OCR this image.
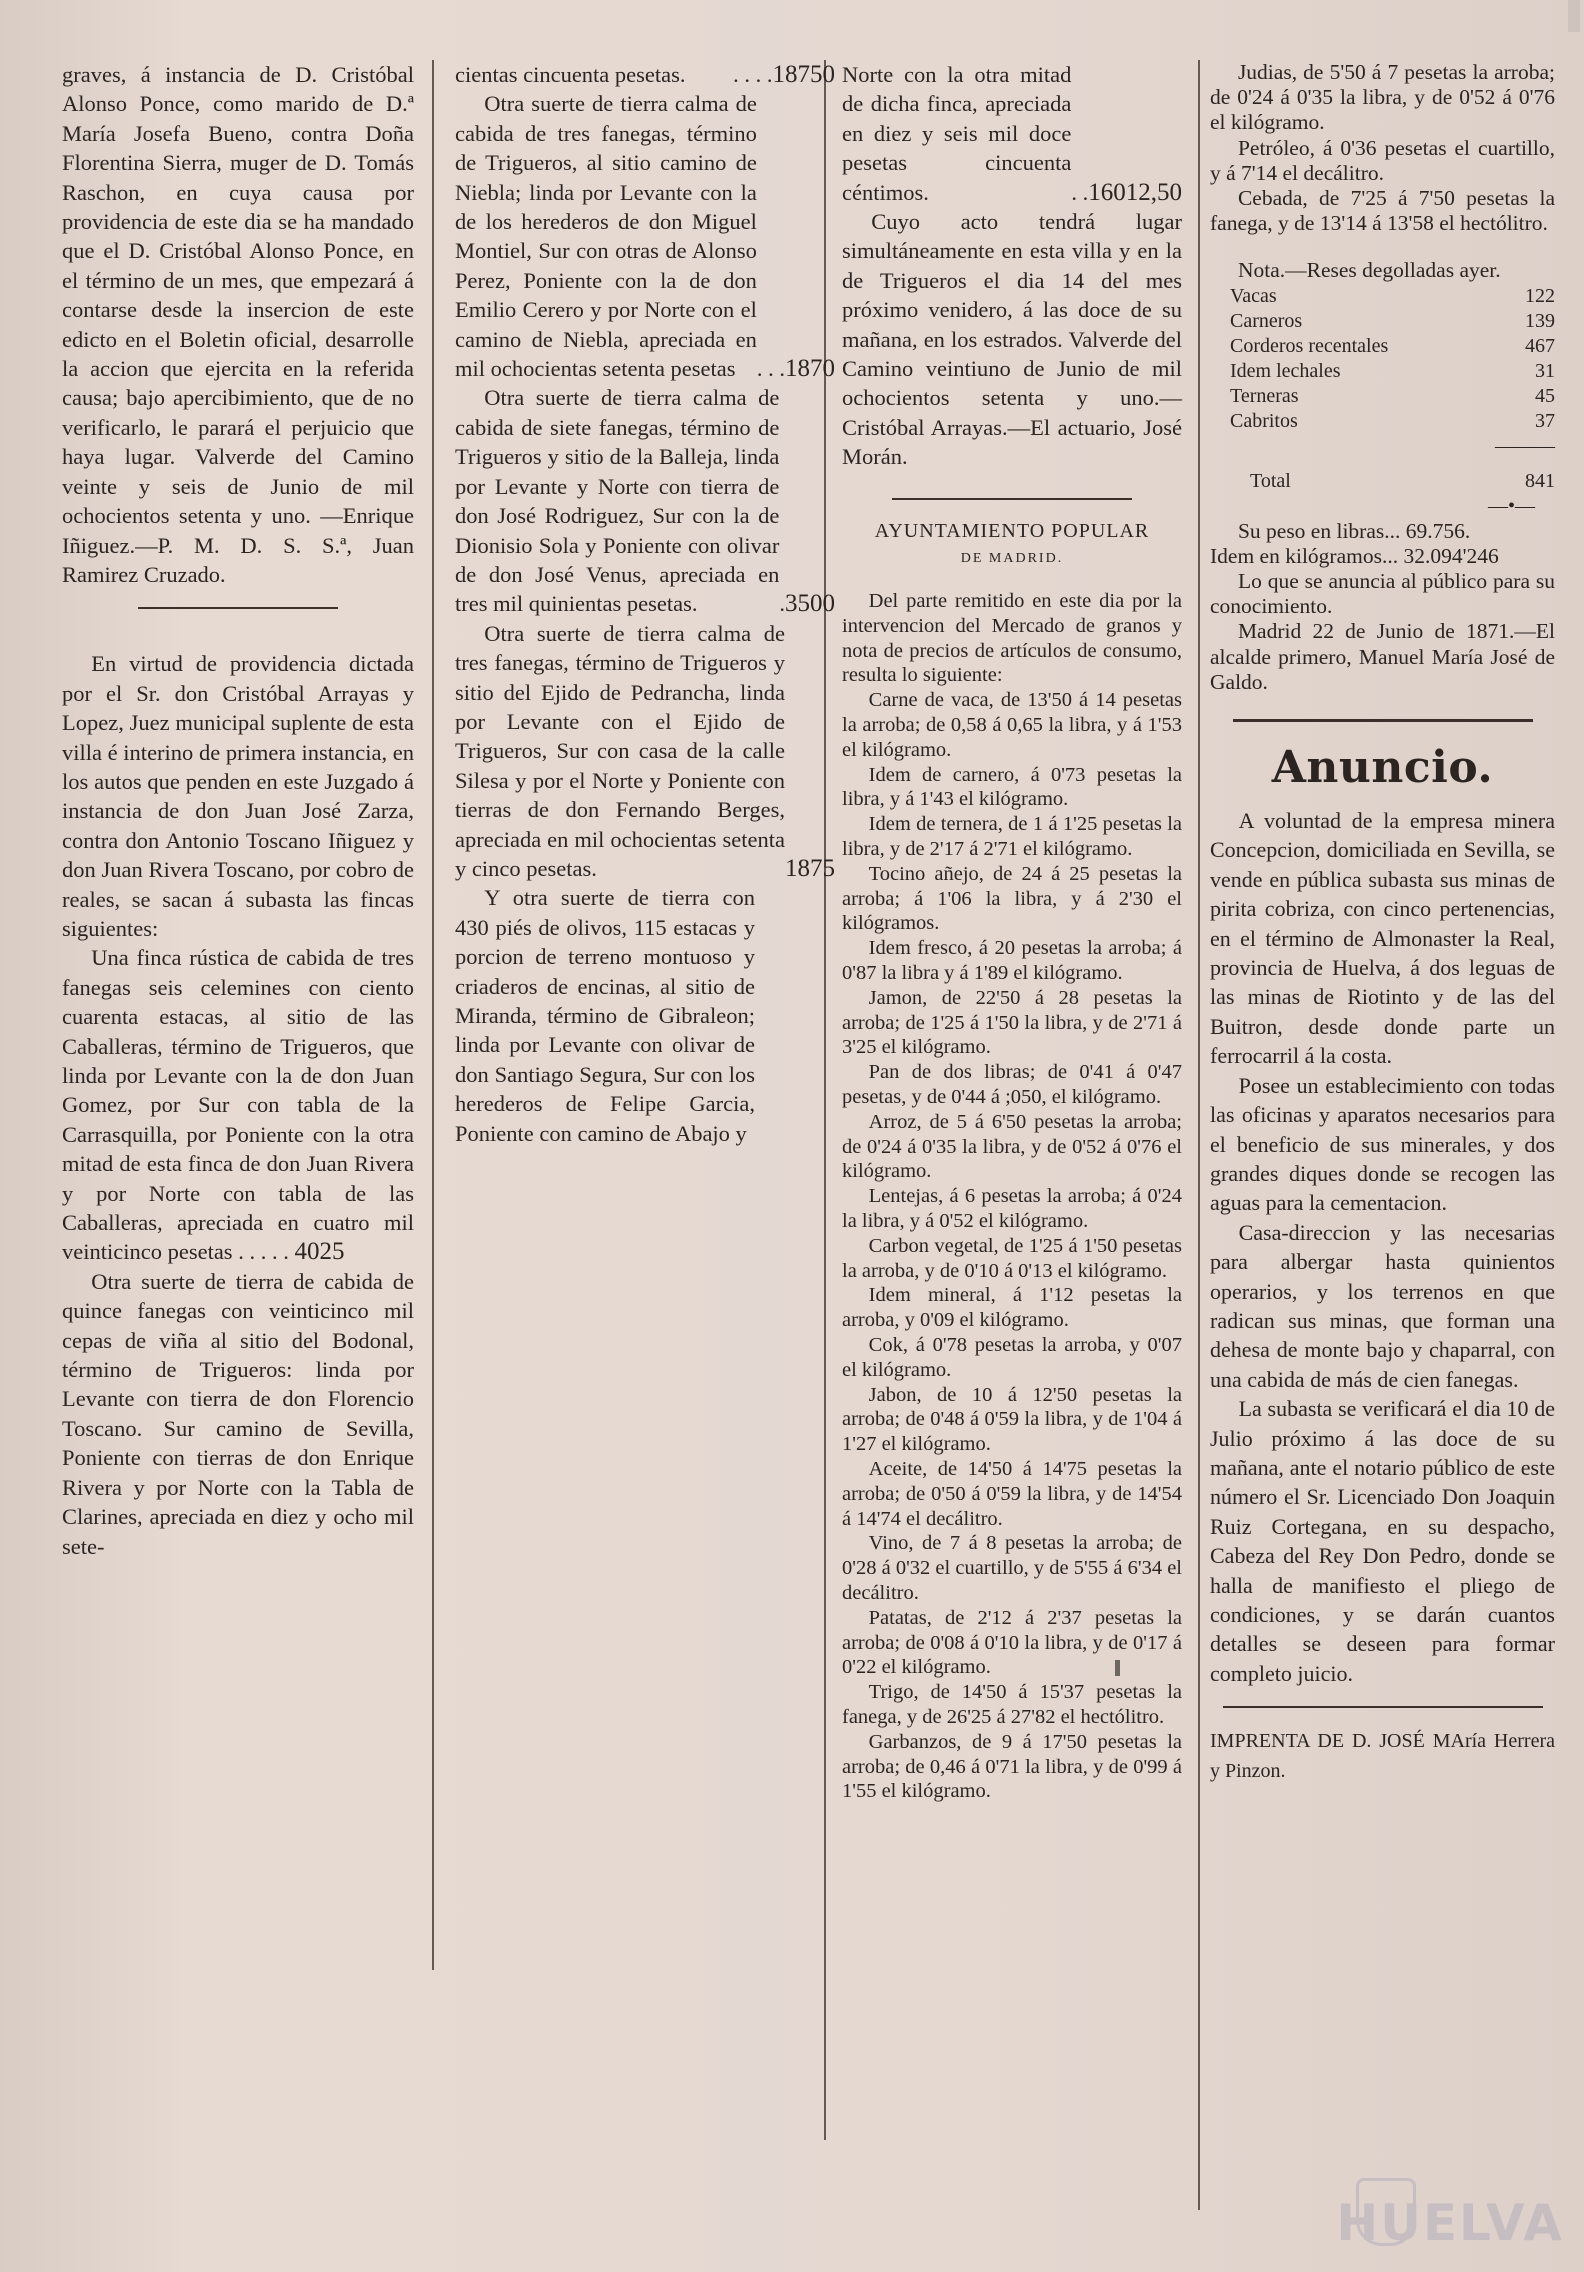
graves, á instancia de D. Cristóbal Alonso Ponce, como marido de D.ª María Josefa Bueno, contra Doña Florentina Sierra, muger de D. Tomás Raschon, en cuya causa por providencia de este dia se ha mandado que el D. Cristóbal Alonso Ponce, en el término de un mes, que empezará á contarse desde la insercion de este edicto en el Boletin oficial, desarrolle la accion que ejercita en la referida causa; bajo apercibimiento, que de no verificarlo, le parará el perjuicio que haya lugar. Valverde del Camino veinte y seis de Junio de mil ochocientos setenta y uno. —Enrique Iñiguez.—P. M. D. S. S.ª, Juan Ramirez Cruzado.

En virtud de providencia dictada por el Sr. don Cristóbal Arrayas y Lopez, Juez municipal suplente de esta villa é interino de primera instancia, en los autos que penden en este Juzgado á instancia de don Juan José Zarza, contra don Antonio Toscano Iñiguez y don Juan Rivera Toscano, por cobro de reales, se sacan á subasta las fincas siguientes:

Una finca rústica de cabida de tres fanegas seis celemines con ciento cuarenta estacas, al sitio de las Caballeras, término de Trigueros, que linda por Levante con la de don Juan Gomez, por Sur con tabla de la Carrasquilla, por Poniente con la otra mitad de esta finca de don Juan Rivera y por Norte con tabla de las Caballeras, apreciada en cuatro mil veinticinco pesetas . . . . . 4025

Otra suerte de tierra de cabida de quince fanegas con veinticinco mil cepas de viña al sitio del Bodonal, término de Trigueros: linda por Levante con tierra de don Florencio Toscano. Sur camino de Sevilla, Poniente con tierras de don Enrique Rivera y por Norte con la Tabla de Clarines, apreciada en diez y ocho mil sete-

cientas cincuenta pesetas.	. . . . 18750
Otra suerte de tierra calma de cabida de tres fanegas, término de Trigueros, al sitio camino de Niebla; linda por Levante con la de los herederos de don Miguel Montiel, Sur con otras de Alonso Perez, Poniente con la de don Emilio Cerero y por Norte con el camino de Niebla, apreciada en mil ochocientas setenta pesetas . . . 1870
Otra suerte de tierra calma de cabida de siete fanegas, término de Trigueros y sitio de la Balleja, linda por Levante y Norte con tierra de don José Rodriguez, Sur con la de Dionisio Sola y Poniente con olivar de don José Venus, apreciada en tres mil quinientas pesetas.	. 3500
Otra suerte de tierra calma de tres fanegas, término de Trigueros y sitio del Ejido de Pedrancha, linda por Levante con el Ejido de Trigueros, Sur con casa de la calle Silesa y por el Norte y Poniente con tierras de don Fernando Berges, apreciada en mil ochocientas setenta y cinco pesetas.	1875

Y otra suerte de tierra con 430 piés de olivos, 115 estacas y porcion de terreno montuoso y criaderos de encinas, al sitio de Miranda, término de Gibraleon; linda por Levante con olivar de don Santiago Segura, Sur con los herederos de Felipe Garcia, Poniente con camino de Abajo y

Norte con la otra mitad de dicha finca, apreciada en diez y seis mil doce pesetas cincuenta céntimos.	. . 16012,50

Cuyo acto tendrá lugar simultáneamente en esta villa y en la de Trigueros el dia 14 del mes próximo venidero, á las doce de su mañana, en los estrados. Valverde del Camino veintiuno de Junio de mil ochocientos setenta y uno.—Cristóbal Arrayas.—El actuario, José Morán.

AYUNTAMIENTO POPULAR
DE MADRID.

Del parte remitido en este dia por la intervencion del Mercado de granos y nota de precios de artículos de consumo, resulta lo siguiente:

Carne de vaca, de 13'50 á 14 pesetas la arroba; de 0,58 á 0,65 la libra, y á 1'53 el kilógramo.

Idem de carnero, á 0'73 pesetas la libra, y á 1'43 el kilógramo.

Idem de ternera, de 1 á 1'25 pesetas la libra, y de 2'17 á 2'71 el kilógramo.

Tocino añejo, de 24 á 25 pesetas la arroba; á 1'06 la libra, y á 2'30 el kilógramos.

Idem fresco, á 20 pesetas la arroba; á 0'87 la libra y á 1'89 el kilógramo.

Jamon, de 22'50 á 28 pesetas la arroba; de 1'25 á 1'50 la libra, y de 2'71 á 3'25 el kilógramo.

Pan de dos libras; de 0'41 á 0'47 pesetas, y de 0'44 á ;050, el kilógramo.

Arroz, de 5 á 6'50 pesetas la arroba; de 0'24 á 0'35 la libra, y de 0'52 á 0'76 el kilógramo.

Lentejas, á 6 pesetas la arroba; á 0'24 la libra, y á 0'52 el kilógramo.

Carbon vegetal, de 1'25 á 1'50 pesetas la arroba, y de 0'10 á 0'13 el kilógramo.

Idem mineral, á 1'12 pesetas la arroba, y 0'09 el kilógramo.

Cok, á 0'78 pesetas la arroba, y 0'07 el kilógramo.

Jabon, de 10 á 12'50 pesetas la arroba; de 0'48 á 0'59 la libra, y de 1'04 á 1'27 el kilógramo.

Aceite, de 14'50 á 14'75 pesetas la arroba; de 0'50 á 0'59 la libra, y de 14'54 á 14'74 el decálitro.

Vino, de 7 á 8 pesetas la arroba; de 0'28 á 0'32 el cuartillo, y de 5'55 á 6'34 el decálitro.

Patatas, de 2'12 á 2'37 pesetas la arroba; de 0'08 á 0'10 la libra, y de 0'17 á 0'22 el kilógramo.

Trigo, de 14'50 á 15'37 pesetas la fanega, y de 26'25 á 27'82 el hectólitro.

Garbanzos, de 9 á 17'50 pesetas la arroba; de 0,46 á 0'71 la libra, y de 0'99 á 1'55 el kilógramo.

Judias, de 5'50 á 7 pesetas la arroba; de 0'24 á 0'35 la libra, y de 0'52 á 0'76 el kilógramo.

Petróleo, á 0'36 pesetas el cuartillo, y á 7'14 el decálitro.

Cebada, de 7'25 á 7'50 pesetas la fanega, y de 13'14 á 13'58 el hectólitro.

Nota.—Reses degolladas ayer.

Vacas	122
Carneros	139
Corderos recentales	467
Idem lechales	31
Terneras	45
Cabritos	37
	———
Total	841
	—•—

Su peso en libras... 69.756.

Idem en kilógramos... 32.094'246

Lo que se anuncia al público para su conocimiento.

Madrid 22 de Junio de 1871.—El alcalde primero, Manuel María José de Galdo.

Anuncio.

A voluntad de la empresa minera Concepcion, domiciliada en Sevilla, se vende en pública subasta sus minas de pirita cobriza, con cinco pertenencias, en el término de Almonaster la Real, provincia de Huelva, á dos leguas de las minas de Riotinto y de las del Buitron, desde donde parte un ferrocarril á la costa.

Posee un establecimiento con todas las oficinas y aparatos necesarios para el beneficio de sus minerales, y dos grandes diques donde se recogen las aguas para la cementacion.

Casa-direccion y las necesarias para albergar hasta quinientos operarios, y los terrenos en que radican sus minas, que forman una dehesa de monte bajo y chaparral, con una cabida de más de cien fanegas.

La subasta se verificará el dia 10 de Julio próximo á las doce de su mañana, ante el notario público de este número el Sr. Licenciado Don Joaquin Ruiz Cortegana, en su despacho, Cabeza del Rey Don Pedro, donde se halla de manifiesto el pliego de condiciones, y se darán cuantos detalles se deseen para formar completo juicio.

IMPRENTA DE D. JOSÉ MAría Herrera y Pinzon.

HUELVA
